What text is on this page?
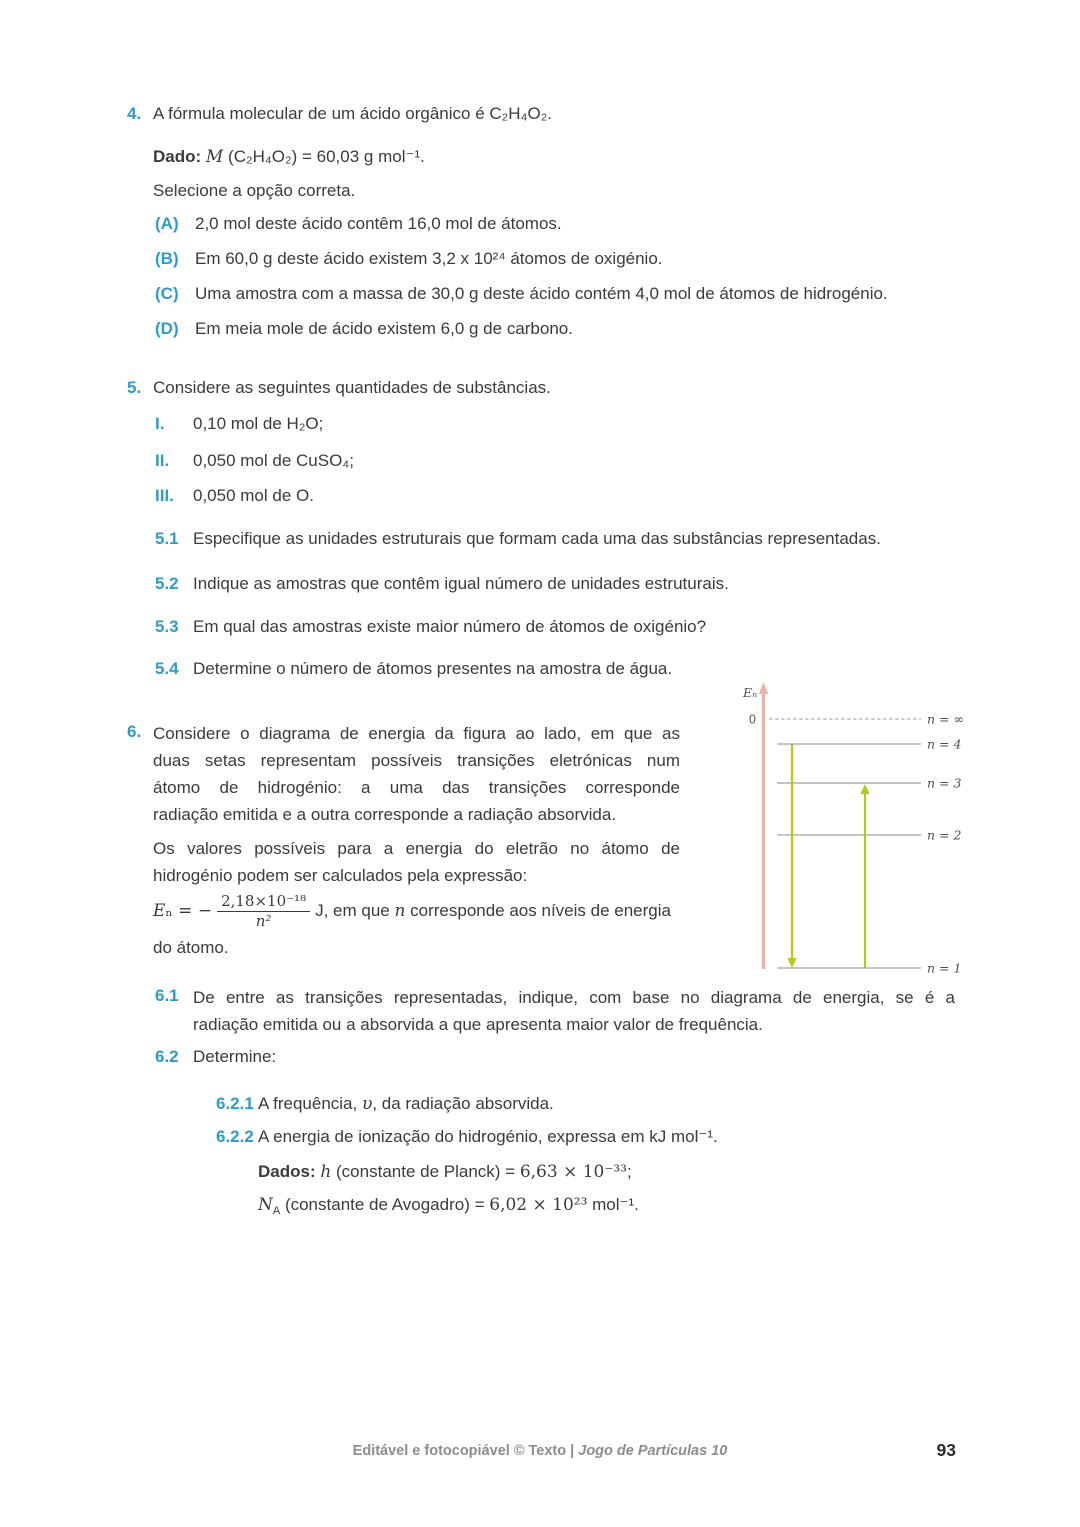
4. A fórmula molecular de um ácido orgânico é C₂H₄O₂.
Dado: M (C₂H₄O₂) = 60,03 g mol⁻¹.
Selecione a opção correta.
(A) 2,0 mol deste ácido contêm 16,0 mol de átomos.
(B) Em 60,0 g deste ácido existem 3,2 x 10²⁴ átomos de oxigénio.
(C) Uma amostra com a massa de 30,0 g deste ácido contém 4,0 mol de átomos de hidrogénio.
(D) Em meia mole de ácido existem 6,0 g de carbono.
5. Considere as seguintes quantidades de substâncias.
I.	0,10 mol de H₂O;
II.	0,050 mol de CuSO₄;
III.	0,050 mol de O.
5.1 Especifique as unidades estruturais que formam cada uma das substâncias representadas.
5.2 Indique as amostras que contêm igual número de unidades estruturais.
5.3 Em qual das amostras existe maior número de átomos de oxigénio?
5.4 Determine o número de átomos presentes na amostra de água.
6. Considere o diagrama de energia da figura ao lado, em que as
duas setas representam possíveis transições eletrónicas num
átomo de hidrogénio: a uma das transições corresponde
radiação emitida e a outra corresponde a radiação absorvida.
Os valores possíveis para a energia do eletrão no átomo de
hidrogénio podem ser calculados pela expressão:
Eₙ = − $\frac{\text{2,18×10⁻¹⁸}}{\text{n²}} J$, em que n corresponde aos níveis de energia
do átomo.
6.1 De entre as transições representadas, indique, com base no diagrama de energia, se é a
radiação emitida ou a absorvida a que apresenta maior valor de frequência.
6.2 Determine:
6.2.1 A frequência, υ, da radiação absorvida.
6.2.2 A energia de ionização do hidrogénio, expressa em kJ mol⁻¹.
Dados: h (constante de Planck) = 6,63 × 10⁻³³;
$N_A$ (constante de Avogadro) = 6,02 × 10²³ mol⁻¹.
Eₙ
0	n = ∞
n = 4
n = 3
n = 2
n = 1
Editável e fotocopiável © Texto | Jogo de Partículas 10	93
